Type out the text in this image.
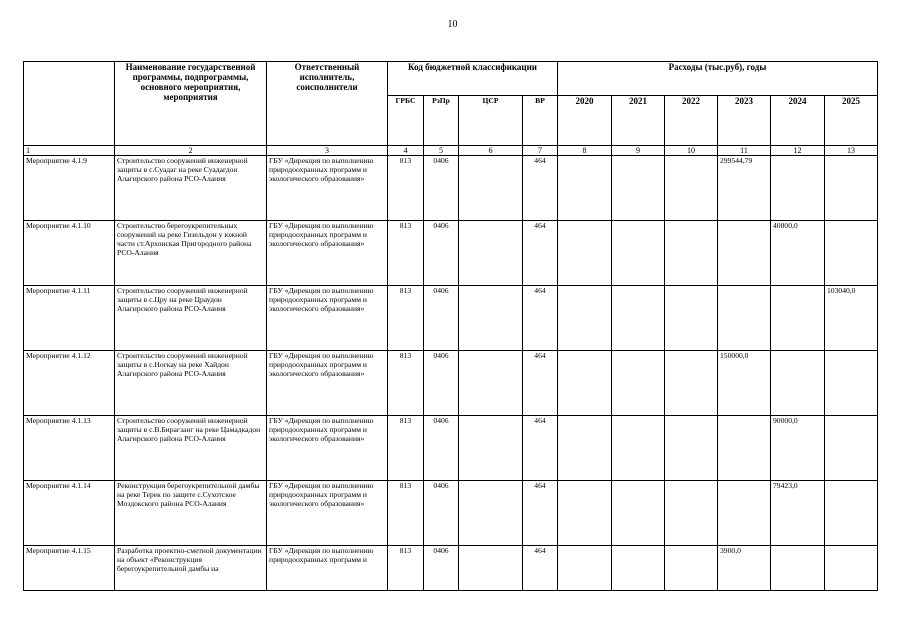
10
	Наименование государственной программы, подпрограммы, основного мероприятия, мероприятия	Ответственный исполнитель, соисполнители	Код бюджетной классификации				Расходы (тыс.руб), годы					
			ГРБС	РзПр	ЦСР	ВР	2020	2021	2022	2023	2024	2025
1	2	3	4	5	6	7	8	9	10	11	12	13
Мероприятие 4.1.9	Строительство сооружений инженерной защиты в с.Суадаг на реке Суадагдон Алагирского района РСО-Алания	ГБУ «Дирекция по выполнению природоохранных программ и экологического образования»	813	0406		464				299544,79		
Мероприятие 4.1.10	Строительство берегоукрепительных сооружений на реке Гизельдон у южной части ст.Архонская Пригородного района РСО-Алания	ГБУ «Дирекция по выполнению природоохранных программ и экологического образования»	813	0406		464					40800,0	
Мероприятие 4.1.11	Строительство сооружений инженерной защиты в с.Цру на реке Цраудон Алагирского района РСО-Алания	ГБУ «Дирекция по выполнению природоохранных программ и экологического образования»	813	0406		464						103040,0
Мероприятие 4.1.12	Строительство сооружений инженерной защиты в с.Ногкау на реке Хайдон Алагирского района РСО-Алания	ГБУ «Дирекция по выполнению природоохранных программ и экологического образования»	813	0406		464				150000,0		
Мероприятие 4.1.13	Строительство сооружений инженерной защиты в с.В.Бирагзанг на реке Цамадкадон Алагирского района РСО-Алания	ГБУ «Дирекция по выполнению природоохранных программ и экологического образования»	813	0406		464					90000,0	
Мероприятие 4.1.14	Реконструкция берегоукрепительной дамбы на реке Терек по защите с.Сухотское Моздокского района РСО-Алания	ГБУ «Дирекция по выполнению природоохранных программ и экологического образования»	813	0406		464					79423,0	
Мероприятие 4.1.15	Разработка проектно-сметной документации на объект «Реконструкция берегоукрепительной дамбы на	ГБУ «Дирекция по выполнению природоохранных программ и	813	0406		464				3900,0		
